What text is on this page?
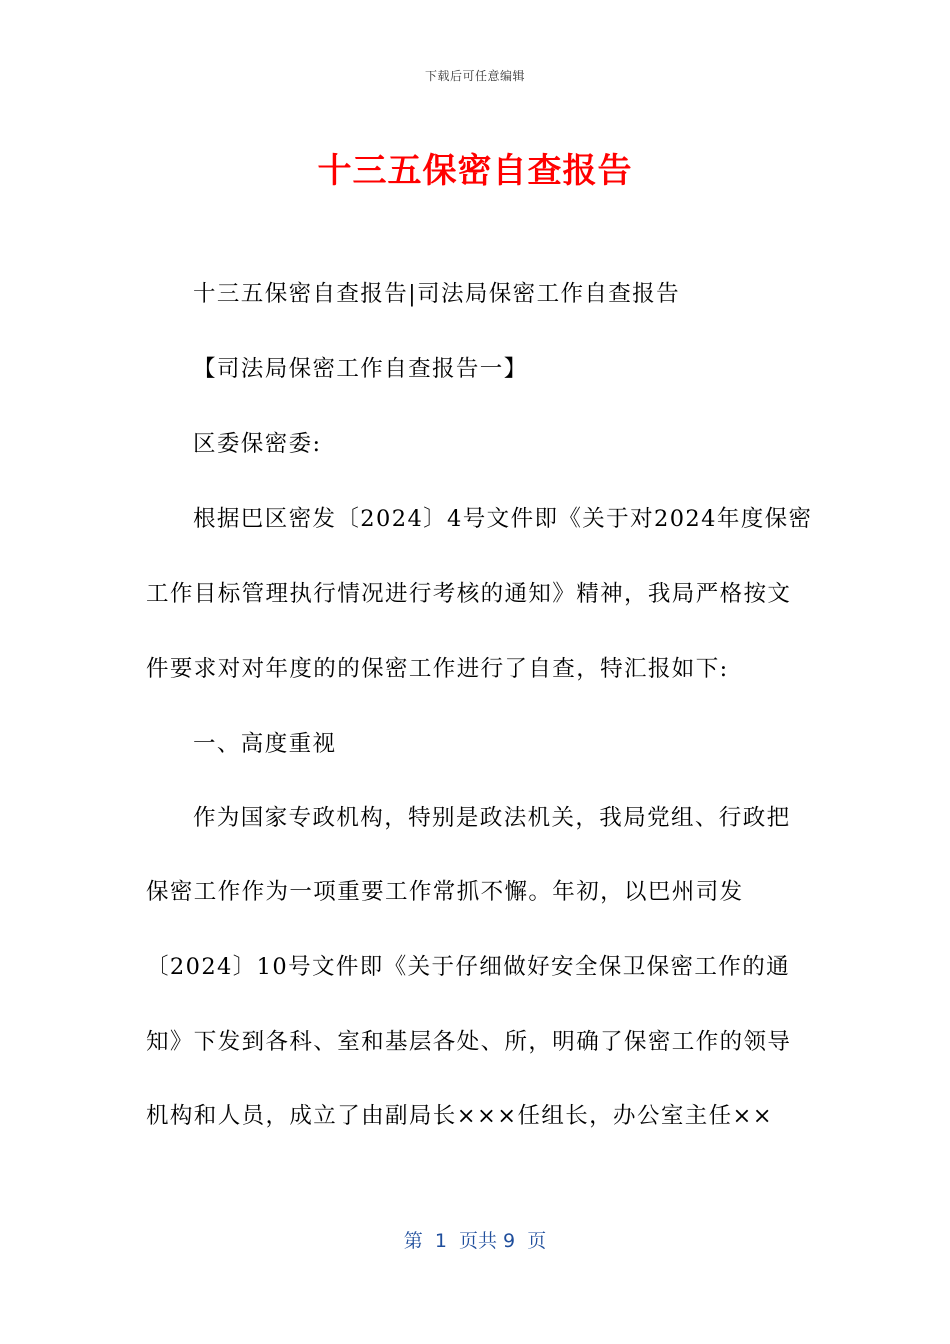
下载后可任意编辑
十三五保密自查报告
十三五保密自查报告|司法局保密工作自查报告
【司法局保密工作自查报告一】
区委保密委:
根据巴区密发〔2024〕4号文件即《关于对2024年度保密
工作目标管理执行情况进行考核的通知》精神，我局严格按文
件要求对对年度的的保密工作进行了自查，特汇报如下:
一、高度重视
作为国家专政机构，特别是政法机关，我局党组、行政把
保密工作作为一项重要工作常抓不懈。年初，以巴州司发
〔2024〕10号文件即《关于仔细做好安全保卫保密工作的通
知》下发到各科、室和基层各处、所，明确了保密工作的领导
机构和人员，成立了由副局长×××任组长，办公室主任××
第  1  页共 9  页
